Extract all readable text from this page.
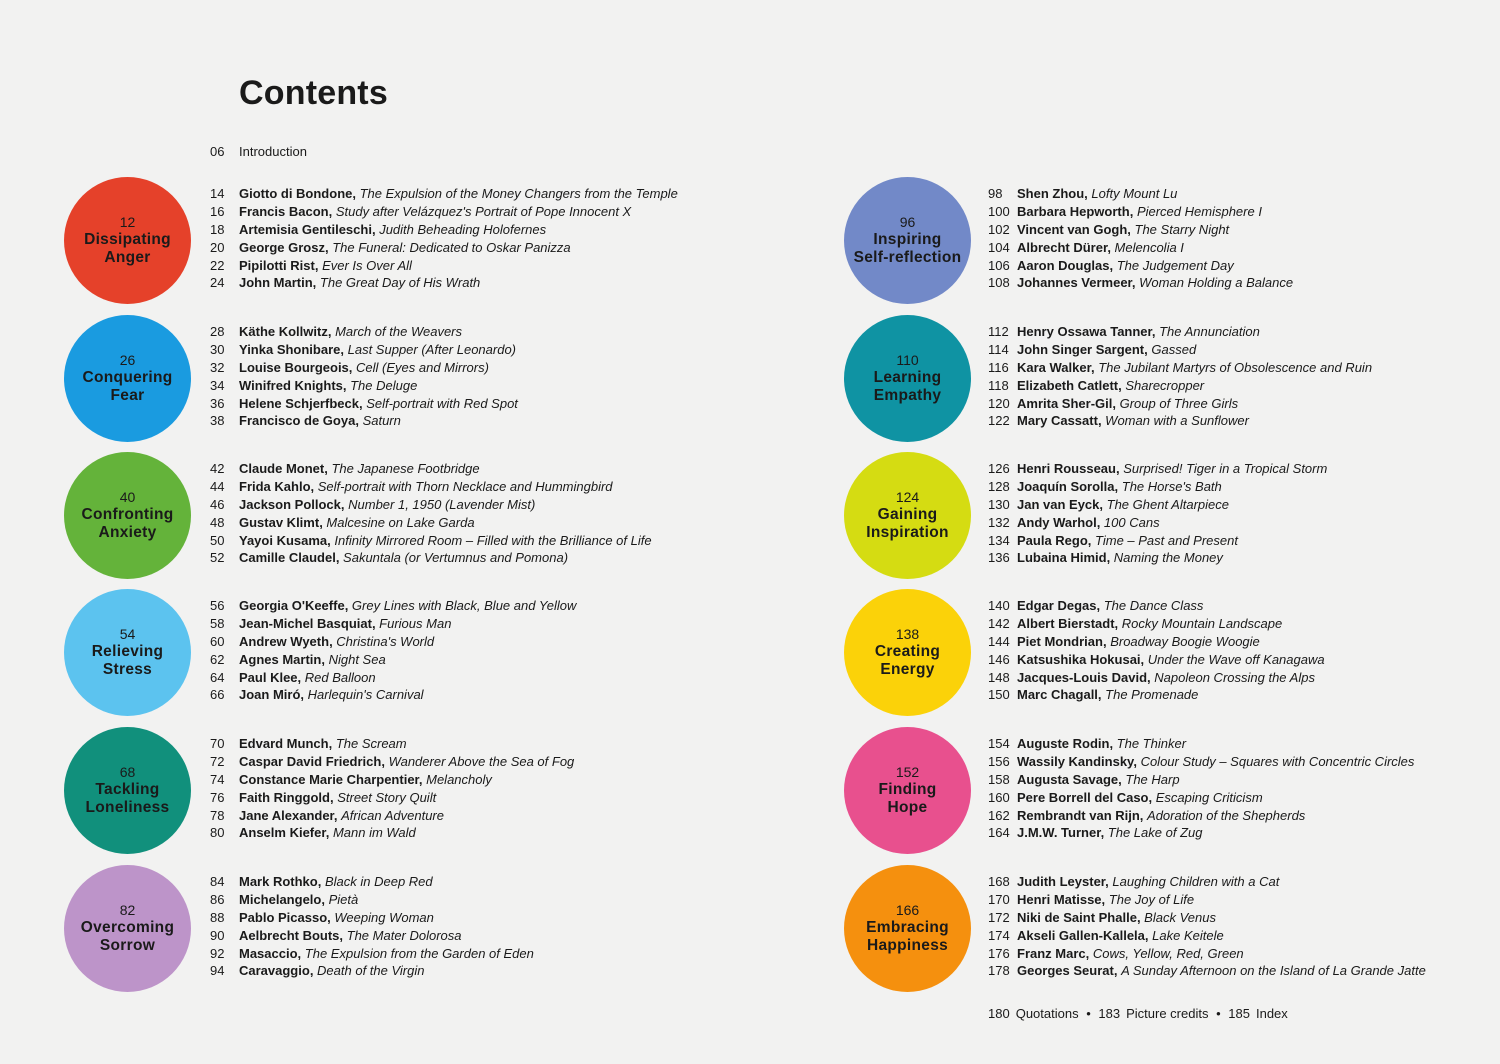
Contents
06 Introduction
12
Dissipating
Anger
14 Giotto di Bondone, The Expulsion of the Money Changers from the Temple
16 Francis Bacon, Study after Velázquez's Portrait of Pope Innocent X
18 Artemisia Gentileschi, Judith Beheading Holofernes
20 George Grosz, The Funeral: Dedicated to Oskar Panizza
22 Pipilotti Rist, Ever Is Over All
24 John Martin, The Great Day of His Wrath
26
Conquering
Fear
28 Käthe Kollwitz, March of the Weavers
30 Yinka Shonibare, Last Supper (After Leonardo)
32 Louise Bourgeois, Cell (Eyes and Mirrors)
34 Winifred Knights, The Deluge
36 Helene Schjerfbeck, Self-portrait with Red Spot
38 Francisco de Goya, Saturn
40
Confronting
Anxiety
42 Claude Monet, The Japanese Footbridge
44 Frida Kahlo, Self-portrait with Thorn Necklace and Hummingbird
46 Jackson Pollock, Number 1, 1950 (Lavender Mist)
48 Gustav Klimt, Malcesine on Lake Garda
50 Yayoi Kusama, Infinity Mirrored Room – Filled with the Brilliance of Life
52 Camille Claudel, Sakuntala (or Vertumnus and Pomona)
54
Relieving
Stress
56 Georgia O'Keeffe, Grey Lines with Black, Blue and Yellow
58 Jean-Michel Basquiat, Furious Man
60 Andrew Wyeth, Christina's World
62 Agnes Martin, Night Sea
64 Paul Klee, Red Balloon
66 Joan Miró, Harlequin's Carnival
68
Tackling
Loneliness
70 Edvard Munch, The Scream
72 Caspar David Friedrich, Wanderer Above the Sea of Fog
74 Constance Marie Charpentier, Melancholy
76 Faith Ringgold, Street Story Quilt
78 Jane Alexander, African Adventure
80 Anselm Kiefer, Mann im Wald
82
Overcoming
Sorrow
84 Mark Rothko, Black in Deep Red
86 Michelangelo, Pietà
88 Pablo Picasso, Weeping Woman
90 Aelbrecht Bouts, The Mater Dolorosa
92 Masaccio, The Expulsion from the Garden of Eden
94 Caravaggio, Death of the Virgin
96
Inspiring
Self-reflection
98 Shen Zhou, Lofty Mount Lu
100 Barbara Hepworth, Pierced Hemisphere I
102 Vincent van Gogh, The Starry Night
104 Albrecht Dürer, Melencolia I
106 Aaron Douglas, The Judgement Day
108 Johannes Vermeer, Woman Holding a Balance
110
Learning
Empathy
112 Henry Ossawa Tanner, The Annunciation
114 John Singer Sargent, Gassed
116 Kara Walker, The Jubilant Martyrs of Obsolescence and Ruin
118 Elizabeth Catlett, Sharecropper
120 Amrita Sher-Gil, Group of Three Girls
122 Mary Cassatt, Woman with a Sunflower
124
Gaining
Inspiration
126 Henri Rousseau, Surprised! Tiger in a Tropical Storm
128 Joaquín Sorolla, The Horse's Bath
130 Jan van Eyck, The Ghent Altarpiece
132 Andy Warhol, 100 Cans
134 Paula Rego, Time – Past and Present
136 Lubaina Himid, Naming the Money
138
Creating
Energy
140 Edgar Degas, The Dance Class
142 Albert Bierstadt, Rocky Mountain Landscape
144 Piet Mondrian, Broadway Boogie Woogie
146 Katsushika Hokusai, Under the Wave off Kanagawa
148 Jacques-Louis David, Napoleon Crossing the Alps
150 Marc Chagall, The Promenade
152
Finding
Hope
154 Auguste Rodin, The Thinker
156 Wassily Kandinsky, Colour Study – Squares with Concentric Circles
158 Augusta Savage, The Harp
160 Pere Borrell del Caso, Escaping Criticism
162 Rembrandt van Rijn, Adoration of the Shepherds
164 J.M.W. Turner, The Lake of Zug
166
Embracing
Happiness
168 Judith Leyster, Laughing Children with a Cat
170 Henri Matisse, The Joy of Life
172 Niki de Saint Phalle, Black Venus
174 Akseli Gallen-Kallela, Lake Keitele
176 Franz Marc, Cows, Yellow, Red, Green
178 Georges Seurat, A Sunday Afternoon on the Island of La Grande Jatte
180 Quotations • 183 Picture credits • 185 Index
